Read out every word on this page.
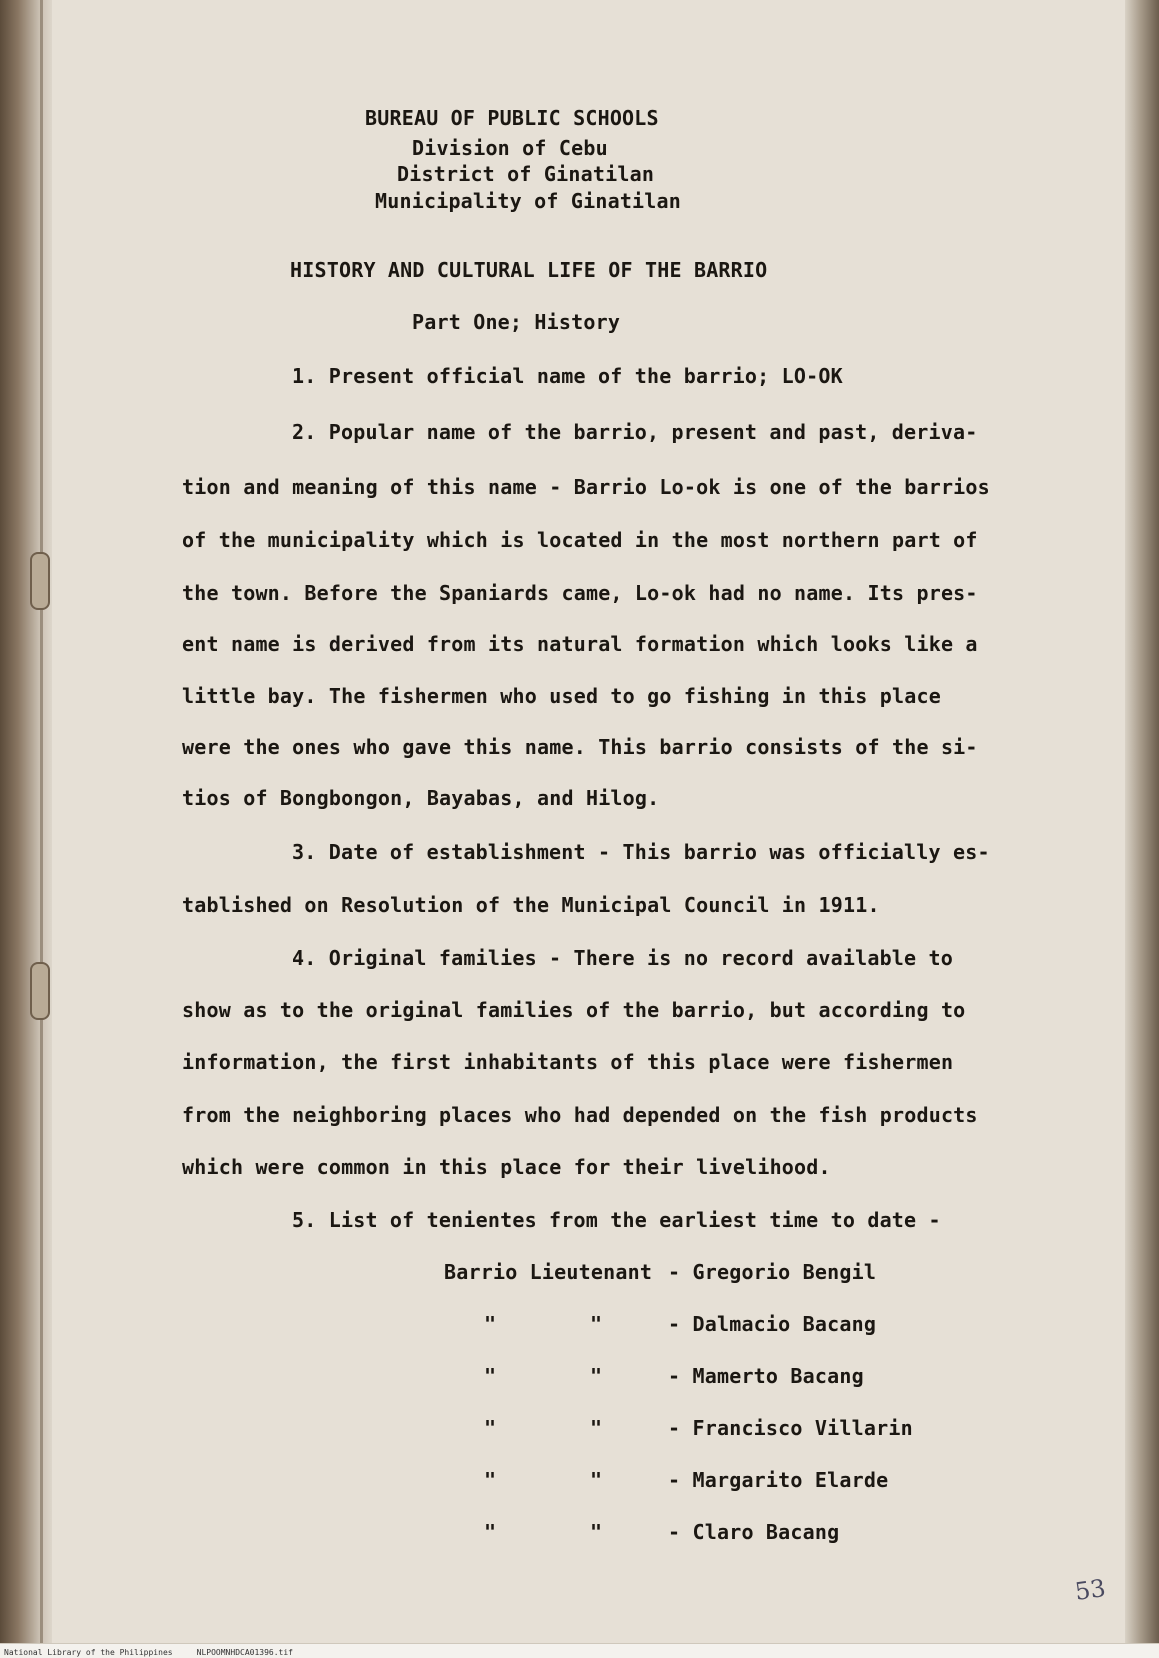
BUREAU OF PUBLIC SCHOOLS
Division of Cebu
District of Ginatilan
Municipality of Ginatilan
HISTORY AND CULTURAL LIFE OF THE BARRIO
Part One; History
1. Present official name of the barrio; LO-OK
2. Popular name of the barrio, present and past, deriva-
tion and meaning of this name - Barrio Lo-ok is one of the barrios
of the municipality which is located in the most northern part of
the town. Before the Spaniards came, Lo-ok had no name. Its pres-
ent name is derived from its natural formation which looks like a
little bay. The fishermen who used to go fishing in this place
were the ones who gave this name. This barrio consists of the si-
tios of Bongbongon, Bayabas, and Hilog.
3. Date of establishment - This barrio was officially es-
tablished on Resolution of the Municipal Council in 1911.
4. Original families - There is no record available to
show as to the original families of the barrio, but according to
information, the first inhabitants of this place were fishermen
from the neighboring places who had depended on the fish products
which were common in this place for their livelihood.
5. List of tenientes from the earliest time to date -
Barrio Lieutenant - Gregorio Bengil
"	"	- Dalmacio Bacang
"	"	- Mamerto Bacang
"	"	- Francisco Villarin
"	"	- Margarito Elarde
"	"	- Claro Bacang
53
National Library of the Philippines     NLPOOMNHDCA01396.tif
